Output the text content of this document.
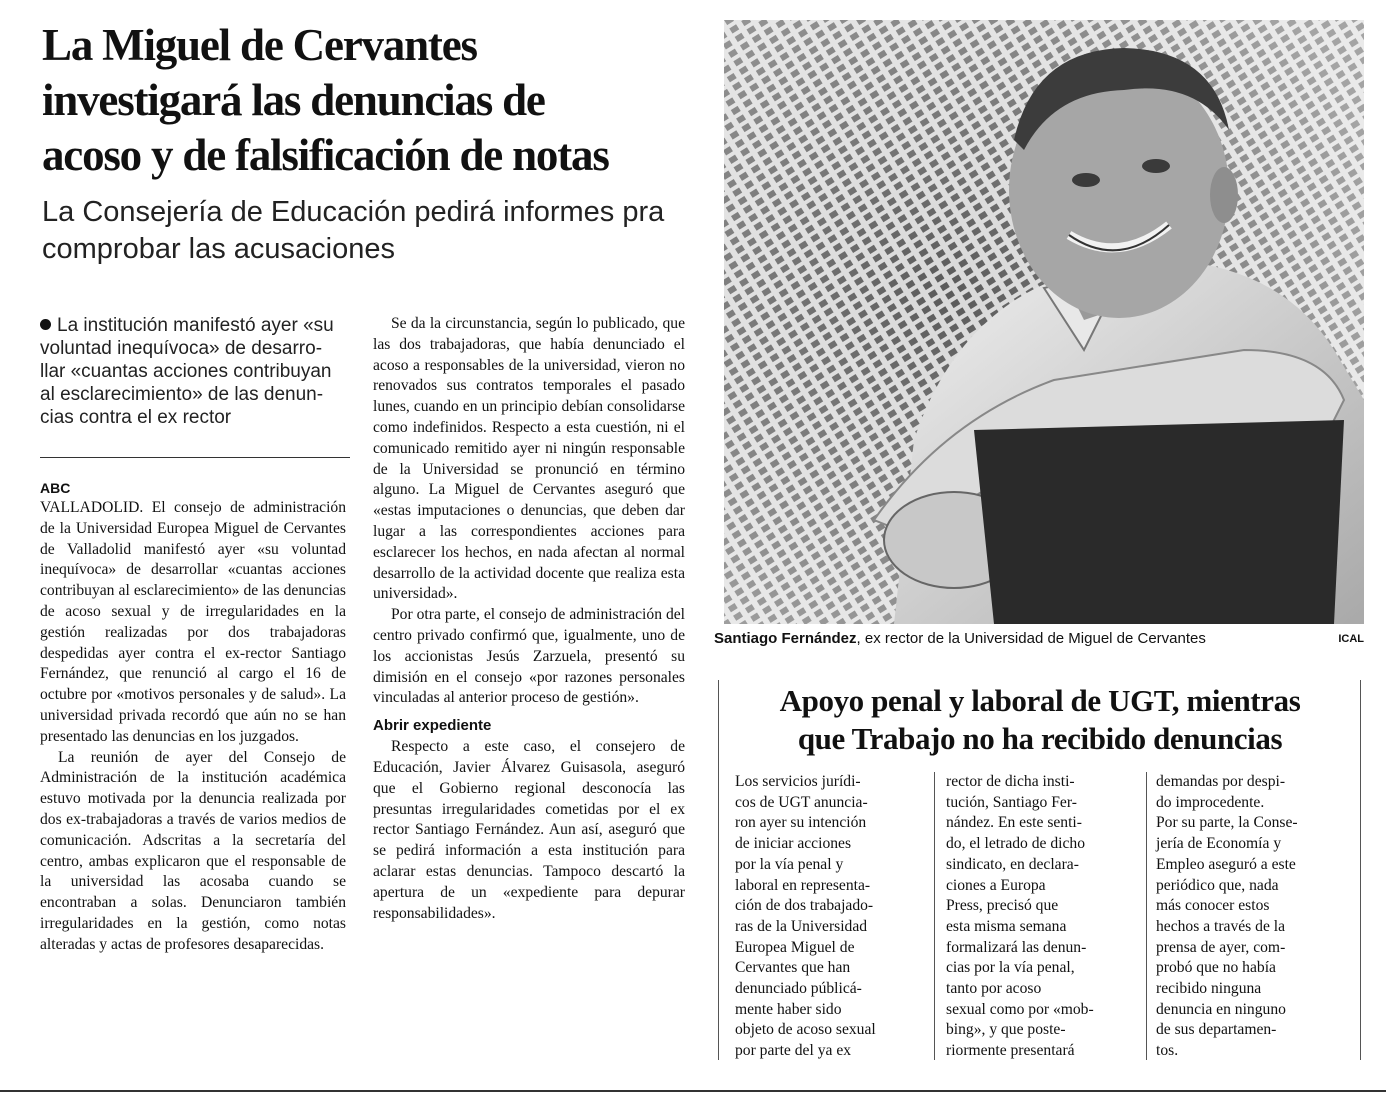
La Miguel de Cervantes
investigará las denuncias de
acoso y de falsificación de notas
La Consejería de Educación pedirá informes pra
comprobar las acusaciones
La institución manifestó ayer «su
voluntad inequívoca» de desarro-
llar «cuantas acciones contribuyan
al esclarecimiento» de las denun-
cias contra el ex rector
ABC

VALLADOLID. El consejo de administración de la Universidad Europea Miguel de Cervantes de Valladolid manifestó ayer «su voluntad inequívoca» de desarrollar «cuantas acciones contribuyan al esclarecimiento» de las denuncias de acoso sexual y de irregularidades en la gestión realizadas por dos trabajadoras despedidas ayer contra el ex-rector Santiago Fernández, que renunció al cargo el 16 de octubre por «motivos personales y de salud». La universidad privada recordó que aún no se han presentado las denuncias en los juzgados.

La reunión de ayer del Consejo de Administración de la institución académica estuvo motivada por la denuncia realizada por dos ex-trabajadoras a través de varios medios de comunicación. Adscritas a la secretaría del centro, ambas explicaron que el responsable de la universidad las acosaba cuando se encontraban a solas. Denunciaron también irregularidades en la gestión, como notas alteradas y actas de profesores desaparecidas.

Se da la circunstancia, según lo publicado, que las dos trabajadoras, que había denunciado el acoso a responsables de la universidad, vieron no renovados sus contratos temporales el pasado lunes, cuando en un principio debían consolidarse como indefinidos. Respecto a esta cuestión, ni el comunicado remitido ayer ni ningún responsable de la Universidad se pronunció en término alguno. La Miguel de Cervantes aseguró que «estas imputaciones o denuncias, que deben dar lugar a las correspondientes acciones para esclarecer los hechos, en nada afectan al normal desarrollo de la actividad docente que realiza esta universidad».

Por otra parte, el consejo de administración del centro privado confirmó que, igualmente, uno de los accionistas Jesús Zarzuela, presentó su dimisión en el consejo «por razones personales vinculadas al anterior proceso de gestión».

Abrir expediente

Respecto a este caso, el consejero de Educación, Javier Álvarez Guisasola, aseguró que el Gobierno regional desconocía las presuntas irregularidades cometidas por el ex rector Santiago Fernández. Aun así, aseguró que se pedirá información a esta institución para aclarar estas denuncias. Tampoco descartó la apertura de un «expediente para depurar responsabilidades».

Santiago Fernández, ex rector de la Universidad de Miguel de Cervantes	ICAL
Apoyo penal y laboral de UGT, mientras
que Trabajo no ha recibido denuncias
Los servicios jurídi-
cos de UGT anuncia-
ron ayer su intención
de iniciar acciones
por la vía penal y
laboral en representa-
ción de dos trabajado-
ras de la Universidad
Europea Miguel de
Cervantes que han
denunciado públicá-
mente haber sido
objeto de acoso sexual
por parte del ya ex
rector de dicha insti-
tución, Santiago Fer-
nández. En este senti-
do, el letrado de dicho
sindicato, en declara-
ciones a Europa
Press, precisó que
esta misma semana
formalizará las denun-
cias por la vía penal,
tanto por acoso
sexual como por «mob-
bing», y que poste-
riormente presentará
demandas por despi-
do improcedente.
Por su parte, la Conse-
jería de Economía y
Empleo aseguró a este
periódico que, nada
más conocer estos
hechos a través de la
prensa de ayer, com-
probó que no había
recibido ninguna
denuncia en ninguno
de sus departamen-
tos.
